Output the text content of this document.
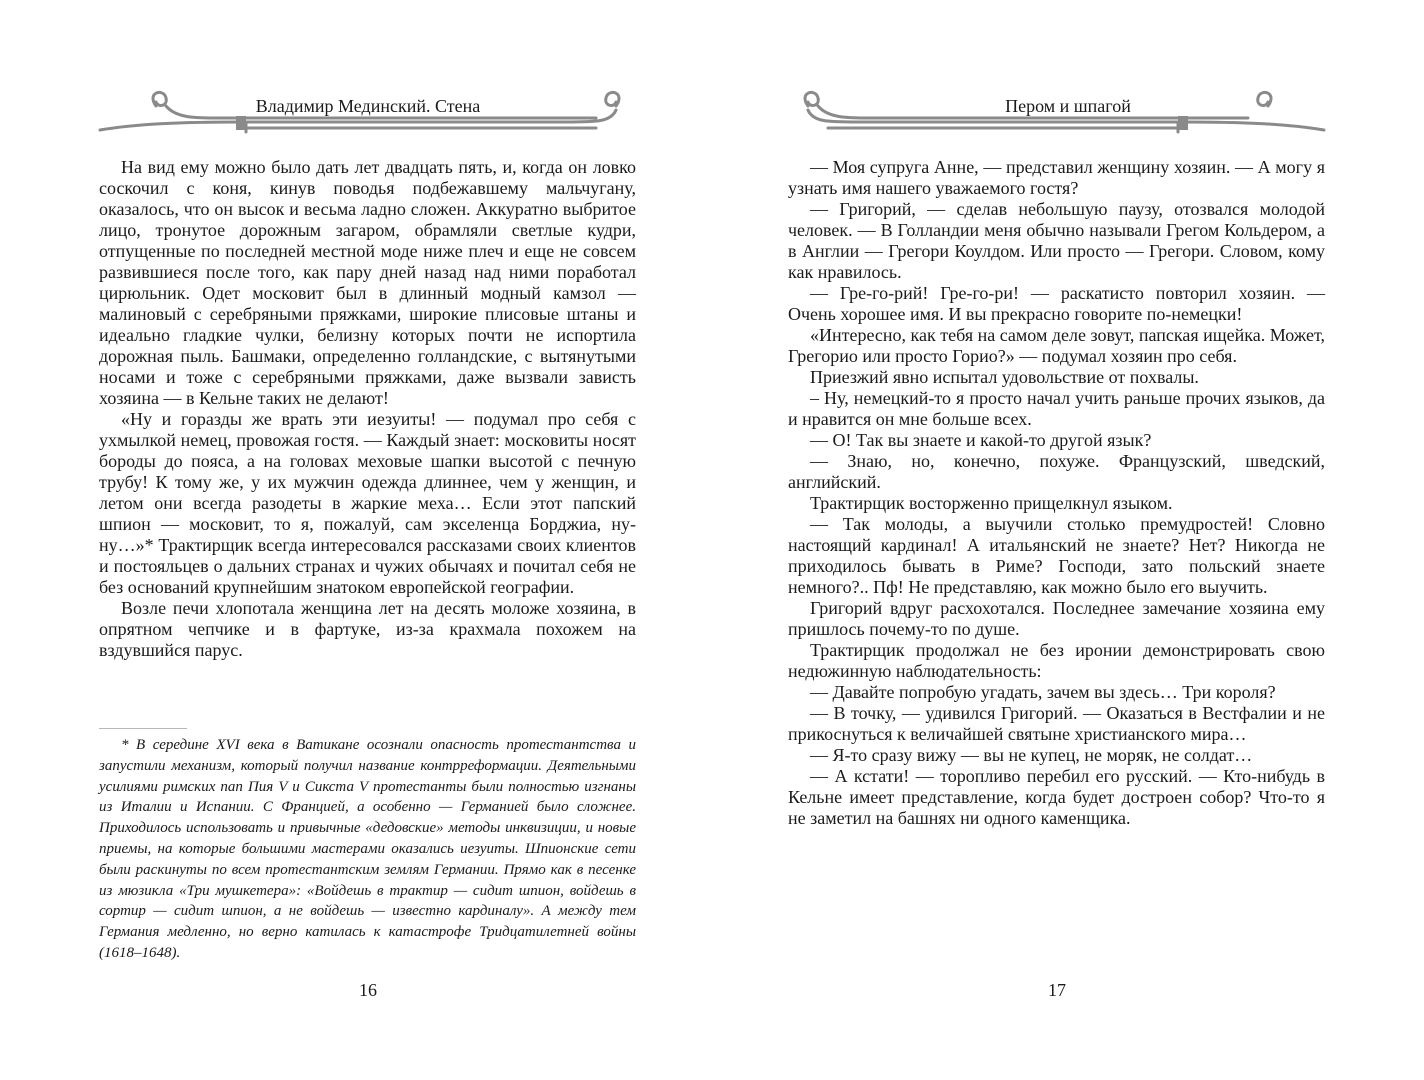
Владимир Мединский. Стена

На вид ему можно было дать лет двадцать пять, и, когда он ловко соскочил с коня, кинув поводья подбежавшему мальчугану, оказалось, что он высок и весьма ладно сложен. Аккуратно выбритое лицо, тронутое дорожным загаром, обрамляли светлые кудри, отпущенные по последней местной моде ниже плеч и еще не совсем развившиеся после того, как пару дней назад над ними поработал цирюльник. Одет московит был в длинный модный камзол — малиновый с серебряными пряжками, широкие плисовые штаны и идеально гладкие чулки, белизну которых почти не испортила дорожная пыль. Башмаки, определенно голландские, с вытянутыми носами и тоже с серебряными пряжками, даже вызвали зависть хозяина — в Кельне таких не делают!

«Ну и горазды же врать эти иезуиты! — подумал про себя с ухмылкой немец, провожая гостя. — Каждый знает: московиты носят бороды до пояса, а на головах меховые шапки высотой с печную трубу! К тому же, у их мужчин одежда длиннее, чем у женщин, и летом они всегда разодеты в жаркие меха… Если этот папский шпион — московит, то я, пожалуй, сам экселенца Борджиа, ну-ну…»* Трактирщик всегда интересовался рассказами своих клиентов и постояльцев о дальних странах и чужих обычаях и почитал себя не без оснований крупнейшим знатоком европейской географии.

Возле печи хлопотала женщина лет на десять моложе хозяина, в опрятном чепчике и в фартуке, из-за крахмала похожем на вздувшийся парус.

* В середине XVI века в Ватикане осознали опасность протестантства и запустили механизм, который получил название контрреформации. Деятельными усилиями римских пап Пия V и Сикста V протестанты были полностью изгнаны из Италии и Испании. С Францией, а особенно — Германией было сложнее. Приходилось использовать и привычные «дедовские» методы инквизиции, и новые приемы, на которые большими мастерами оказались иезуиты. Шпионские сети были раскинуты по всем протестантским землям Германии. Прямо как в песенке из мюзикла «Три мушкетера»: «Войдешь в трактир — сидит шпион, войдешь в сортир — сидит шпион, а не войдешь — известно кардиналу». А между тем Германия медленно, но верно катилась к катастрофе Тридцатилетней войны (1618–1648).

16
Пером и шпагой

— Моя супруга Анне, — представил женщину хозяин. — А могу я узнать имя нашего уважаемого гостя?

— Григорий, — сделав небольшую паузу, отозвался молодой человек. — В Голландии меня обычно называли Грегом Кольдером, а в Англии — Грегори Коулдом. Или просто — Грегори. Словом, кому как нравилось.

— Гре-го-рий! Гре-го-ри! — раскатисто повторил хозяин. — Очень хорошее имя. И вы прекрасно говорите по-немецки!

«Интересно, как тебя на самом деле зовут, папская ищейка. Может, Грегорио или просто Горио?» — подумал хозяин про себя.

Приезжий явно испытал удовольствие от похвалы.

– Ну, немецкий-то я просто начал учить раньше прочих языков, да и нравится он мне больше всех.

— О! Так вы знаете и какой-то другой язык?

— Знаю, но, конечно, похуже. Французский, шведский, английский.

Трактирщик восторженно прищелкнул языком.

— Так молоды, а выучили столько премудростей! Словно настоящий кардинал! А итальянский не знаете? Нет? Никогда не приходилось бывать в Риме? Господи, зато польский знаете немного?.. Пф! Не представляю, как можно было его выучить.

Григорий вдруг расхохотался. Последнее замечание хозяина ему пришлось почему-то по душе.

Трактирщик продолжал не без иронии демонстрировать свою недюжинную наблюдательность:

— Давайте попробую угадать, зачем вы здесь… Три короля?

— В точку, — удивился Григорий. — Оказаться в Вестфалии и не прикоснуться к величайшей святыне христианского мира…

— Я-то сразу вижу — вы не купец, не моряк, не солдат…

— А кстати! — торопливо перебил его русский. — Кто-нибудь в Кельне имеет представление, когда будет достроен собор? Что-то я не заметил на башнях ни одного каменщика.

17
